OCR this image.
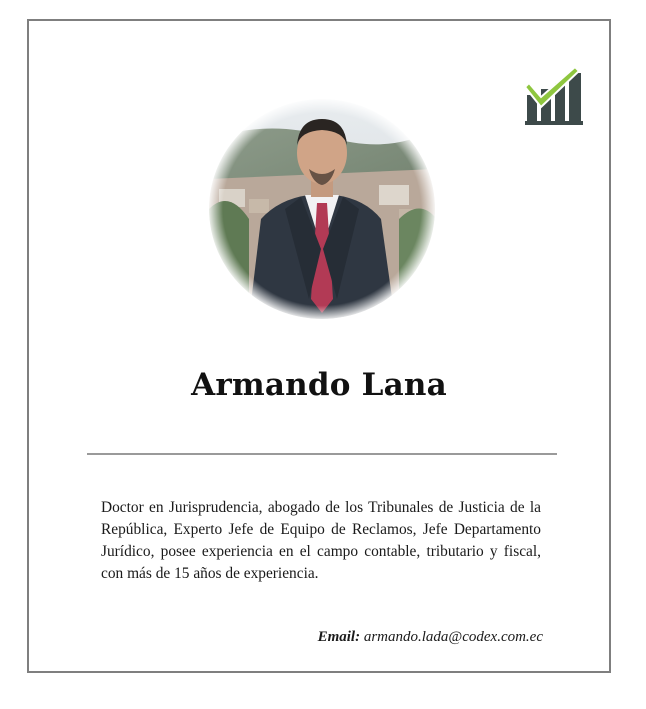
Armando Lana

Doctor en Jurisprudencia, abogado de los Tribunales de Justicia de la República, Experto Jefe de Equipo de Reclamos, Jefe Departamento Jurídico, posee experiencia en el campo contable, tributario y fiscal, con más de 15 años de experiencia.

Email: armando.lada@codex.com.ec
